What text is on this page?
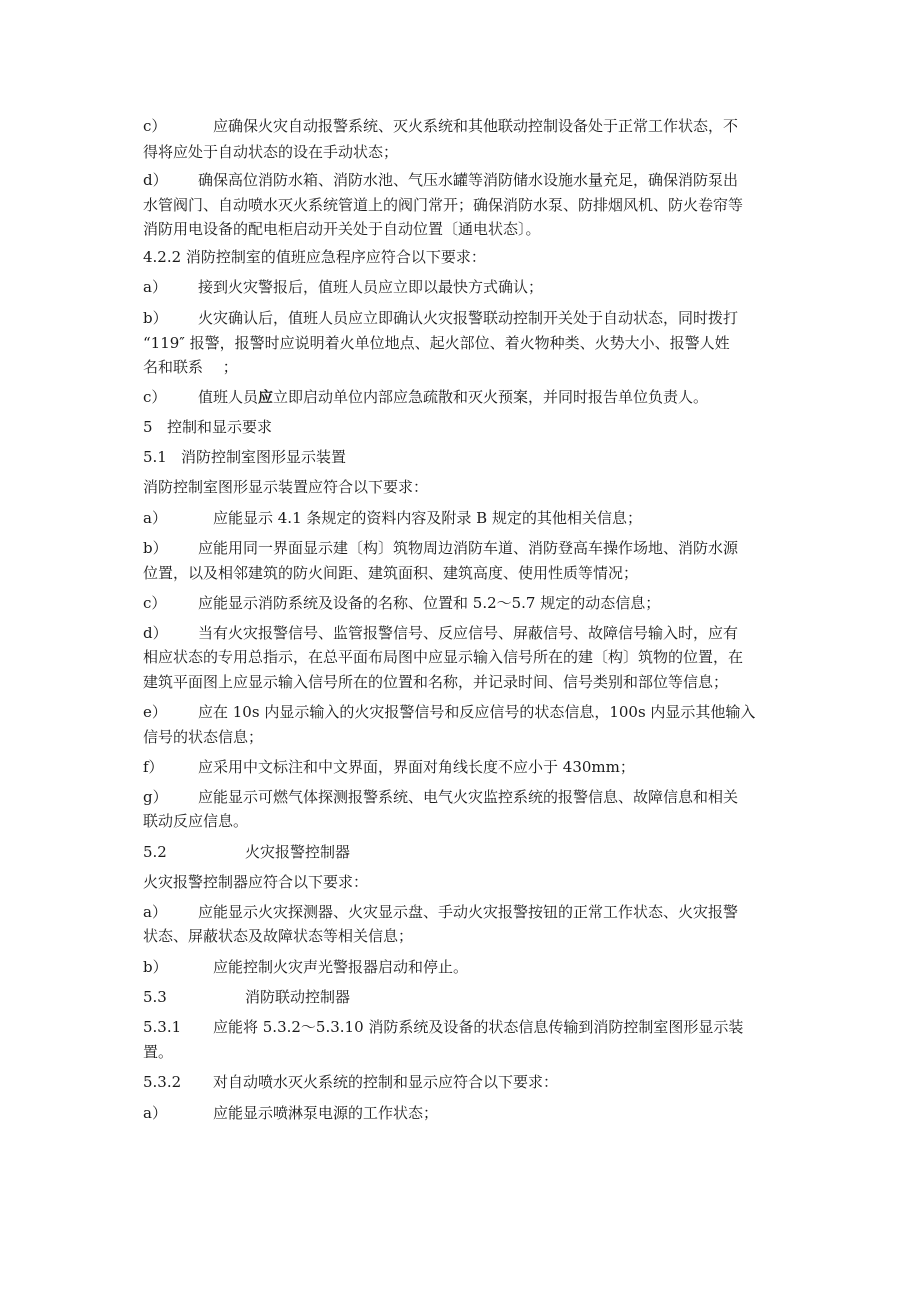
c）	应确保火灾自动报警系统、灭火系统和其他联动控制设备处于正常工作状态，不
得将应处于自动状态的设在手动状态；
d） 确保高位消防水箱、消防水池、气压水罐等消防储水设施水量充足，确保消防泵出
水管阀门、自动喷水灭火系统管道上的阀门常开；确保消防水泵、防排烟风机、防火卷帘等
消防用电设备的配电柜启动开关处于自动位置〔通电状态〕。
4.2.2 消防控制室的值班应急程序应符合以下要求：
a） 接到火灾警报后，值班人员应立即以最快方式确认；
b） 火灾确认后，值班人员应立即确认火灾报警联动控制开关处于自动状态，同时拨打
“119″ 报警，报警时应说明着火单位地点、起火部位、着火物种类、火势大小、报警人姓
名和联系　 ；
c） 值班人员应立即启动单位内部应急疏散和灭火预案，并同时报告单位负责人。
5 控制和显示要求
5.1 消防控制室图形显示装置
消防控制室图形显示装置应符合以下要求：
a）	应能显示 4.1 条规定的资料内容及附录 B 规定的其他相关信息；
b） 应能用同一界面显示建〔构〕筑物周边消防车道、消防登高车操作场地、消防水源
位置，以及相邻建筑的防火间距、建筑面积、建筑高度、使用性质等情况；
c） 应能显示消防系统及设备的名称、位置和 5.2～5.7 规定的动态信息；
d） 当有火灾报警信号、监管报警信号、反应信号、屏蔽信号、故障信号输入时，应有
相应状态的专用总指示，在总平面布局图中应显示输入信号所在的建〔构〕筑物的位置，在
建筑平面图上应显示输入信号所在的位置和名称，并记录时间、信号类别和部位等信息；
e） 应在 10s 内显示输入的火灾报警信号和反应信号的状态信息，100s 内显示其他输入
信号的状态信息；
f） 应采用中文标注和中文界面，界面对角线长度不应小于 430mm；
g） 应能显示可燃气体探测报警系统、电气火灾监控系统的报警信息、故障信息和相关
联动反应信息。
5.2	火灾报警控制器
火灾报警控制器应符合以下要求：
a） 应能显示火灾探测器、火灾显示盘、手动火灾报警按钮的正常工作状态、火灾报警
状态、屏蔽状态及故障状态等相关信息；
b）	应能控制火灾声光警报器启动和停止。
5.3	消防联动控制器
5.3.1 应能将 5.3.2～5.3.10 消防系统及设备的状态信息传输到消防控制室图形显示装
置。
5.3.2 对自动喷水灭火系统的控制和显示应符合以下要求：
a）	应能显示喷淋泵电源的工作状态；
